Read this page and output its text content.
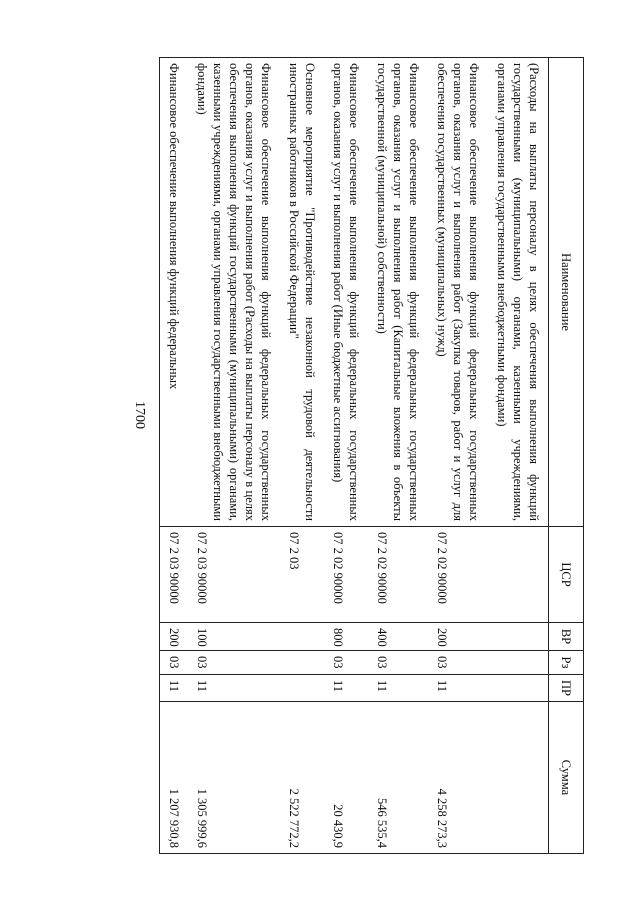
1700
Наименование	ЦСР	ВР	Рз	ПР	Сумма
(Расходы на выплаты персоналу в целях обеспечения выполнения функций государственными (муниципальными) органами, казенными учреждениями, органами управления государственными внебюджетными фондами)					
Финансовое обеспечение выполнения функций федеральных государственных органов, оказания услуг и выполнения работ (Закупка товаров, работ и услуг для обеспечения государственных (муниципальных) нужд)	07 2 02 90000	200	03	11	4 258 273,3
Финансовое обеспечение выполнения функций федеральных государственных органов, оказания услуг и выполнения работ (Капитальные вложения в объекты государственной (муниципальной) собственности)	07 2 02 90000	400	03	11	546 535,4
Финансовое обеспечение выполнения функций федеральных государственных органов, оказания услуг и выполнения работ (Иные бюджетные ассигнования)	07 2 02 90000	800	03	11	20 430,9
Основное мероприятие "Противодействие незаконной трудовой деятельности иностранных работников в Российской Федерации"	07 2 03				2 522 772,2
Финансовое обеспечение выполнения функций федеральных государственных органов, оказания услуг и выполнения работ (Расходы на выплаты персоналу в целях обеспечения выполнения функций государственными (муниципальными) органами, казенными учреждениями, органами управления государственными внебюджетными фондами)	07 2 03 90000	100	03	11	1 305 999,6
Финансовое обеспечение выполнения функций федеральных	07 2 03 90000	200	03	11	1 207 930,8
